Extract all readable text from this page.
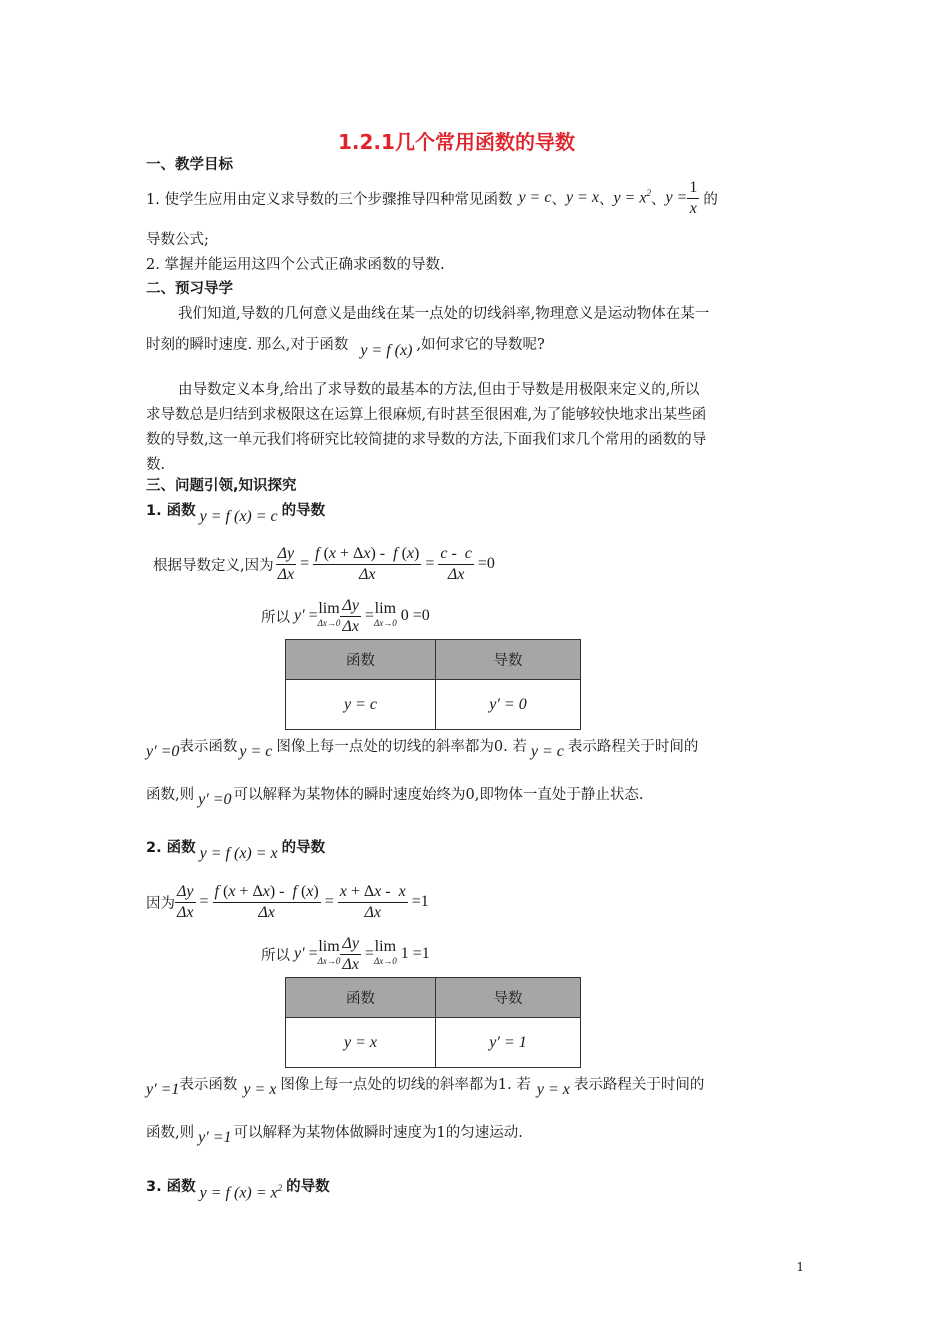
1.2.1几个常用函数的导数
一、教学目标
1. 使学生应用由定义求导数的三个步骤推导四种常见函数 y = c 、 y = x 、 $y = x^2$ 、 $y = \frac{1}{x}$ 的
导数公式;
2. 掌握并能运用这四个公式正确求函数的导数.
二、预习导学
我们知道,导数的几何意义是曲线在某一点处的切线斜率,物理意义是运动物体在某一
时刻的瞬时速度. 那么,对于函数 y = f (x) ,如何求它的导数呢?
由导数定义本身,给出了求导数的最基本的方法,但由于导数是用极限来定义的,所以
求导数总是归结到求极限这在运算上很麻烦,有时甚至很困难,为了能够较快地求出某些函
数的导数,这一单元我们将研究比较简捷的求导数的方法,下面我们求几个常用的函数的导
数.
三、问题引领,知识探究
1. 函数 y = f (x) = c 的导数
根据导数定义,因为 $\frac{\Delta y}{\Delta x} = \frac{f (x + \Delta x) - f (x)}{\Delta x} = \frac{c - c}{\Delta x} =0$
所以 y′ = lim
$\Delta x\to 0 \frac{\Delta y}{\Delta x} = \lim$
Δx→0 0 =0
函数	导数
y = c	y′ = 0
y′ =0 表示函数 y = c 图像上每一点处的切线的斜率都为0. 若 y = c 表示路程关于时间的
函数,则 y′ =0 可以解释为某物体的瞬时速度始终为0,即物体一直处于静止状态.
2. 函数 y = f (x) = x 的导数
因为 $\frac{\Delta y}{\Delta x} = \frac{f (x + \Delta x) - f (x)}{\Delta x} = \frac{x + \Delta x - x}{\Delta x} =1$
所以 y′ = lim
$\Delta x\to 0 \frac{\Delta y}{\Delta x} = \lim$
Δx→0 1 =1
函数	导数
y = x	y′ = 1
y′ =1 表示函数 y = x 图像上每一点处的切线的斜率都为1. 若 y = x 表示路程关于时间的
函数,则 y′ =1 可以解释为某物体做瞬时速度为1的匀速运动.
3. 函数 y = f $(x) = x^2$ 的导数
1
